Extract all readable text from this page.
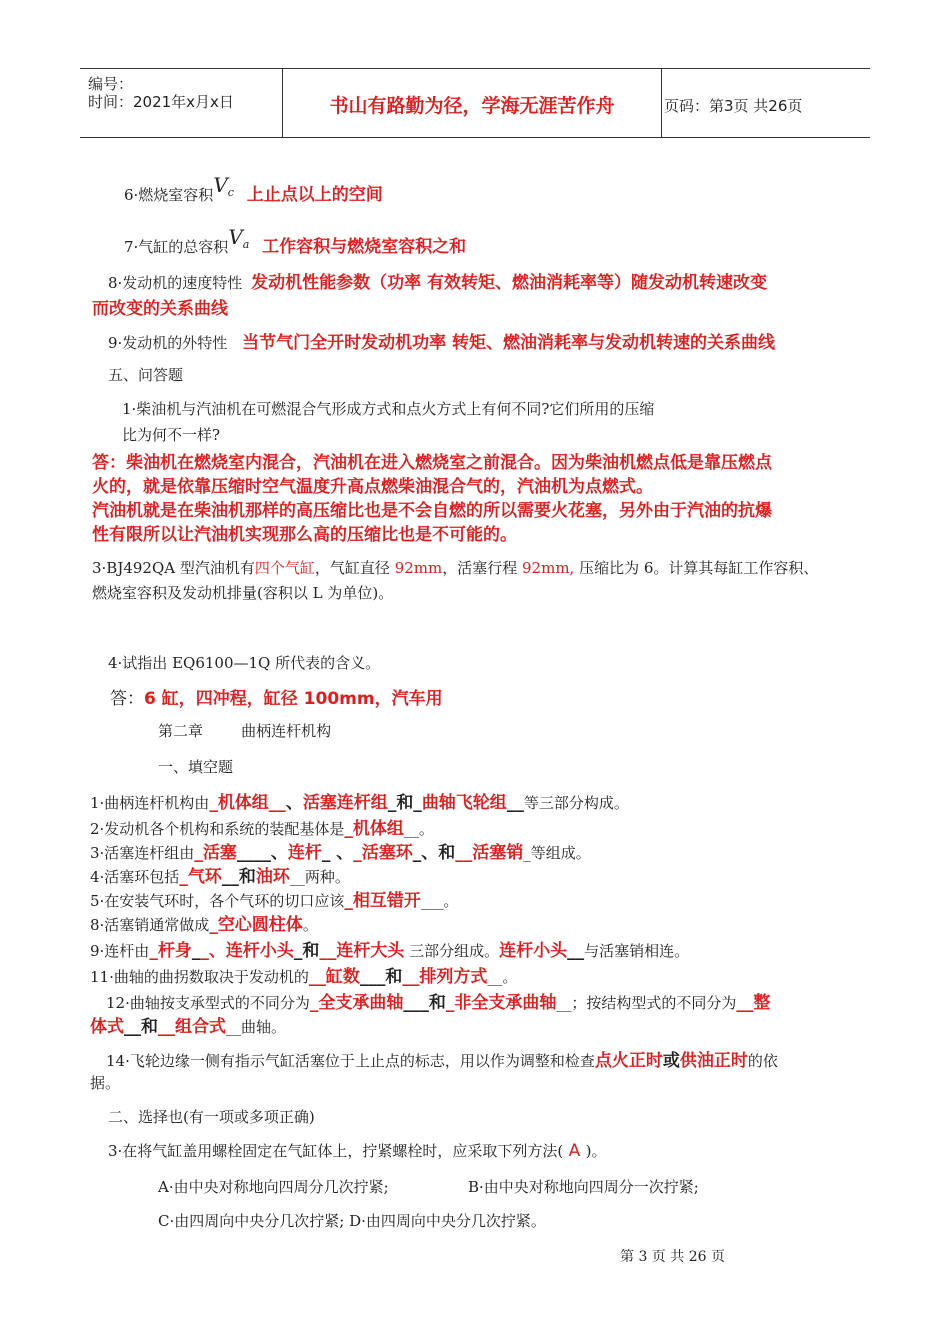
编号：
时间：2021年x月x日	书山有路勤为径，学海无涯苦作舟	页码：第3页 共26页
6·燃烧室容积$V^c$ 上止点以上的空间
7·气缸的总容积$V^a$ 工作容积与燃烧室容积之和
8·发动机的速度特性 发动机性能参数（功率 有效转矩、燃油消耗率等）随发动机转速改变
而改变的关系曲线
9·发动机的外特性 当节气门全开时发动机功率 转矩、燃油消耗率与发动机转速的关系曲线
五、问答题
1·柴油机与汽油机在可燃混合气形成方式和点火方式上有何不同?它们所用的压缩
比为何不一样?
答：柴油机在燃烧室内混合，汽油机在进入燃烧室之前混合。因为柴油机燃点低是靠压燃点
火的，就是依靠压缩时空气温度升高点燃柴油混合气的，汽油机为点燃式。
汽油机就是在柴油机那样的高压缩比也是不会自燃的所以需要火花塞，另外由于汽油的抗爆
性有限所以让汽油机实现那么高的压缩比也是不可能的。
3·BJ492QA 型汽油机有四个气缸，气缸直径 92mm，活塞行程 92mm, 压缩比为 6。计算其每缸工作容积、
燃烧室容积及发动机排量(容积以 L 为单位)。
4·试指出 EQ6100—1Q 所代表的含义。
答：6 缸，四冲程，缸径 100mm，汽车用
第二章        曲柄连杆机构
一、填空题
1·曲柄连杆机构由_机体组__、活塞连杆组_和_曲轴飞轮组__等三部分构成。
2·发动机各个机构和系统的装配基体是_机体组__。
3·活塞连杆组由_活塞____、连杆_ 、_活塞环_、和__活塞销_等组成。
4·活塞环包括_气环__和油环__两种。
5·在安装气环时，各个气环的切口应该_相互错开___。
8·活塞销通常做成_空心圆柱体。
9·连杆由_杆身__、连杆小头_和__连杆大头 三部分组成。连杆小头__与活塞销相连。
11·曲轴的曲拐数取决于发动机的__缸数___和__排列方式__。
12·曲轴按支承型式的不同分为_全支承曲轴___和_非全支承曲轴__；按结构型式的不同分为__整
体式__和__组合式__曲轴。
14·飞轮边缘一侧有指示气缸活塞位于上止点的标志，用以作为调整和检查点火正时或供油正时的依
据。
二、选择也(有一项或多项正确)
3·在将气缸盖用螺栓固定在气缸体上，拧紧螺栓时，应采取下列方法( A )。
A·由中央对称地向四周分几次拧紧;	B·由中央对称地向四周分一次拧紧;
C·由四周向中央分几次拧紧; D·由四周向中央分几次拧紧。
第 3 页 共 26 页
